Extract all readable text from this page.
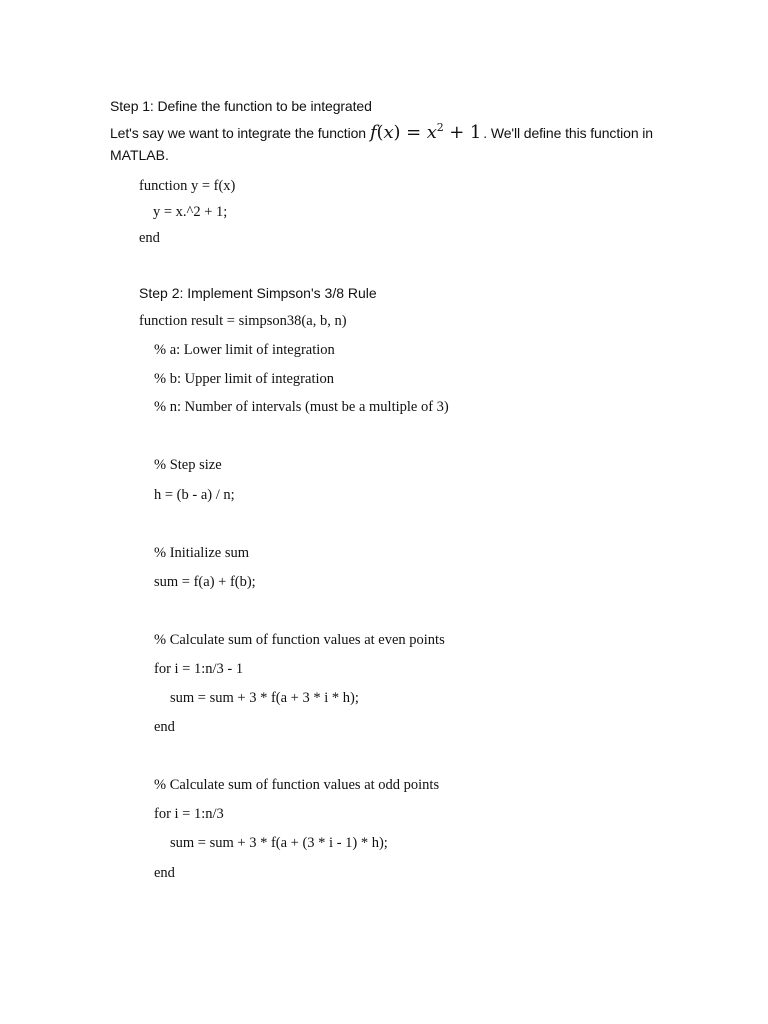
Step 1: Define the function to be integrated
Let's say we want to integrate the function $f(x) = x^2 + 1$ . We'll define this function in
MATLAB.
function y = f(x)
y = x.^2 + 1;
end
Step 2: Implement Simpson's 3/8 Rule
function result = simpson38(a, b, n)
% a: Lower limit of integration
% b: Upper limit of integration
% n: Number of intervals (must be a multiple of 3)
% Step size
h = (b - a) / n;
% Initialize sum
sum = f(a) + f(b);
% Calculate sum of function values at even points
for i = 1:n/3 - 1
sum = sum + 3 * f(a + 3 * i * h);
end
% Calculate sum of function values at odd points
for i = 1:n/3
sum = sum + 3 * f(a + (3 * i - 1) * h);
end
